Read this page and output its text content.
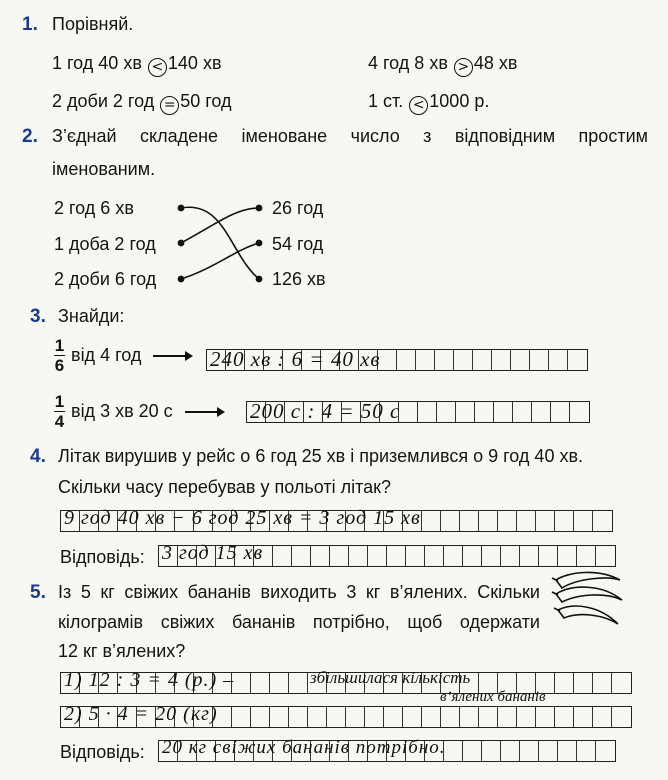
1. Порівняй.
1 год 40 хв < 140 хв	4 год 8 хв > 48 хв
2 доби 2 год = 50 год	1 ст. < 1000 р.
2. З’єднай складене іменоване число з відповідним простим
іменованим.
2 год 6 хв
1 доба 2 год
2 доби 6 год
26 год
54 год
126 хв
3. Знайди:
$\frac{1}{6}$ від 4 год	240 хв : 6 = 40 хв
$\frac{1}{4}$ від 3 хв 20 с	200 с : 4 = 50 с
4. Літак вирушив у рейс о 6 год 25 хв і приземлився о 9 год 40 хв.
Скільки часу перебував у польоті літак?
9 год 40 хв − 6 год 25 хв = 3 год 15 хв
Відповідь: 3 год 15 хв
5. Із 5 кг свіжих бананів виходить 3 кг в’ялених. Скільки
кілограмів свіжих бананів потрібно, щоб одержати
12 кг в’ялених?
1) 12 : 3 = 4 (р.) –	збільшилася кількість
в’ялених бананів
2) 5 · 4 = 20 (кг)
Відповідь: 20 кг свіжих бананів потрібно.
